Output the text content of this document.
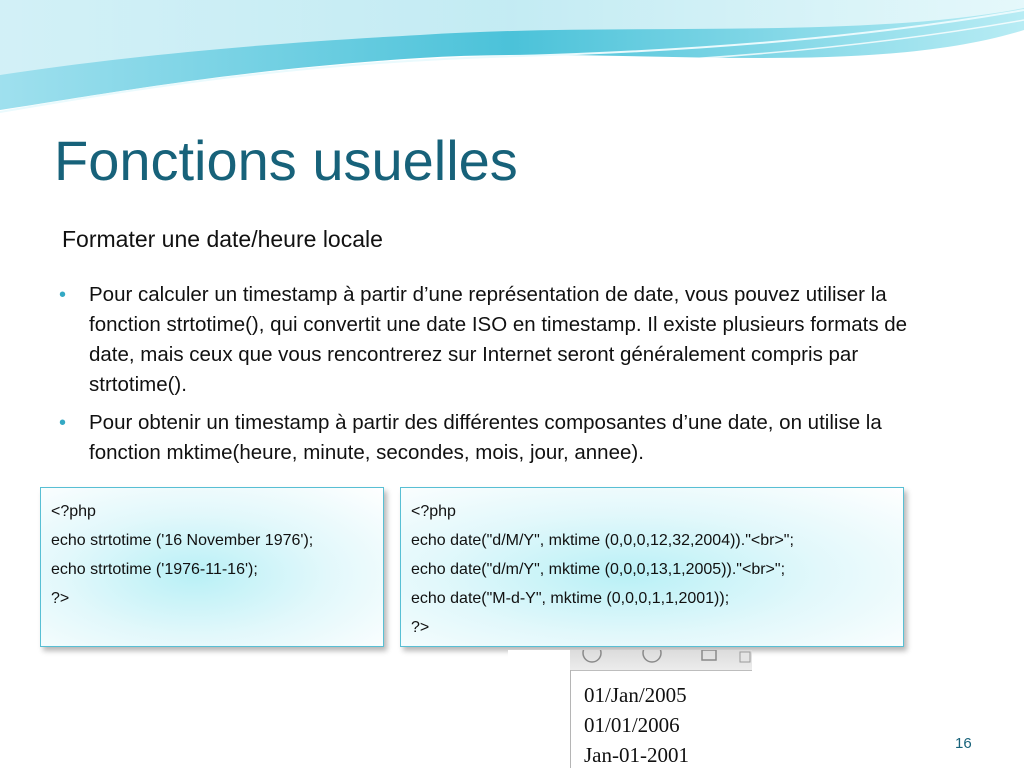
Fonctions usuelles
Formater une date/heure locale
• Pour calculer un timestamp à partir d’une représentation de date, vous pouvez utiliser la fonction strtotime(), qui convertit une date ISO en timestamp. Il existe plusieurs formats de date, mais ceux que vous rencontrerez sur Internet seront généralement compris par strtotime().
• Pour obtenir un timestamp à partir des différentes composantes d’une date, on utilise la fonction mktime(heure, minute, secondes, mois, jour, annee).
<?php
echo strtotime ('16 November 1976');
echo strtotime ('1976-11-16');
?>
<?php
echo date("d/M/Y", mktime (0,0,0,12,32,2004))."<br>";
echo date("d/m/Y", mktime (0,0,0,13,1,2005))."<br>";
echo date("M-d-Y", mktime (0,0,0,1,1,2001));
?>
01/Jan/2005
01/01/2006
Jan-01-2001	16
